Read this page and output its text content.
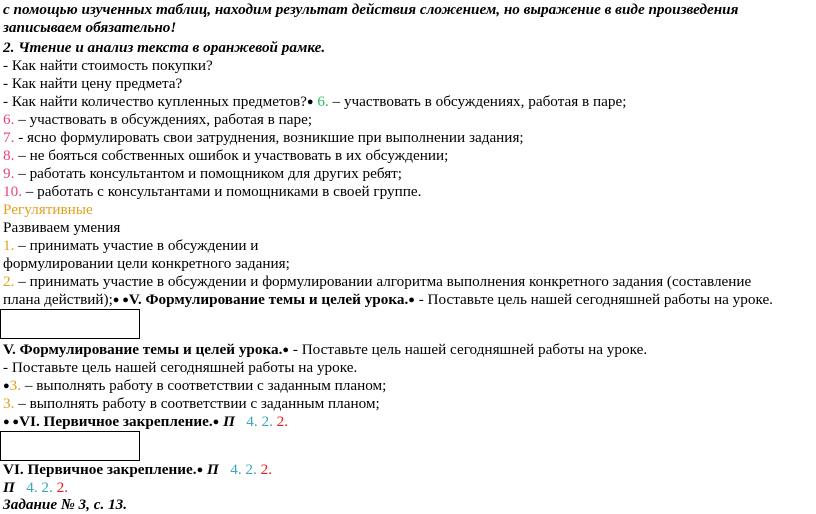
с помощью изученных таблиц, находим результат действия сложением, но выражение в виде произведения
записываем обязательно!
2. Чтение и анализ текста в оранжевой рамке.
- Как найти стоимость покупки?
- Как найти цену предмета?
- Как найти количество купленных предметов?● 6. – участвовать в обсуждениях, работая в паре;
6. – участвовать в обсуждениях, работая в паре;
7. - ясно формулировать свои затруднения, возникшие при выполнении задания;
8. – не бояться собственных ошибок и участвовать в их обсуждении;
9. – работать консультантом и помощником для других ребят;
10. – работать с консультантами и помощниками в своей группе.
Регулятивные
Развиваем умения
1. – принимать участие в обсуждении и
формулировании цели конкретного задания;
2. – принимать участие в обсуждении и формулировании алгоритма выполнения конкретного задания (составление
плана действий);● ●V. Формулирование темы и целей урока.● - Поставьте цель нашей сегодняшней работы на уроке.
V. Формулирование темы и целей урока.● - Поставьте цель нашей сегодняшней работы на уроке.
- Поставьте цель нашей сегодняшней работы на уроке.
●3. – выполнять работу в соответствии с заданным планом;
3. – выполнять работу в соответствии с заданным планом;
● ●VI. Первичное закрепление.● П 4. 2. 2.
VI. Первичное закрепление.● П 4. 2. 2.
П 4. 2. 2.
Задание № 3, с. 13.
